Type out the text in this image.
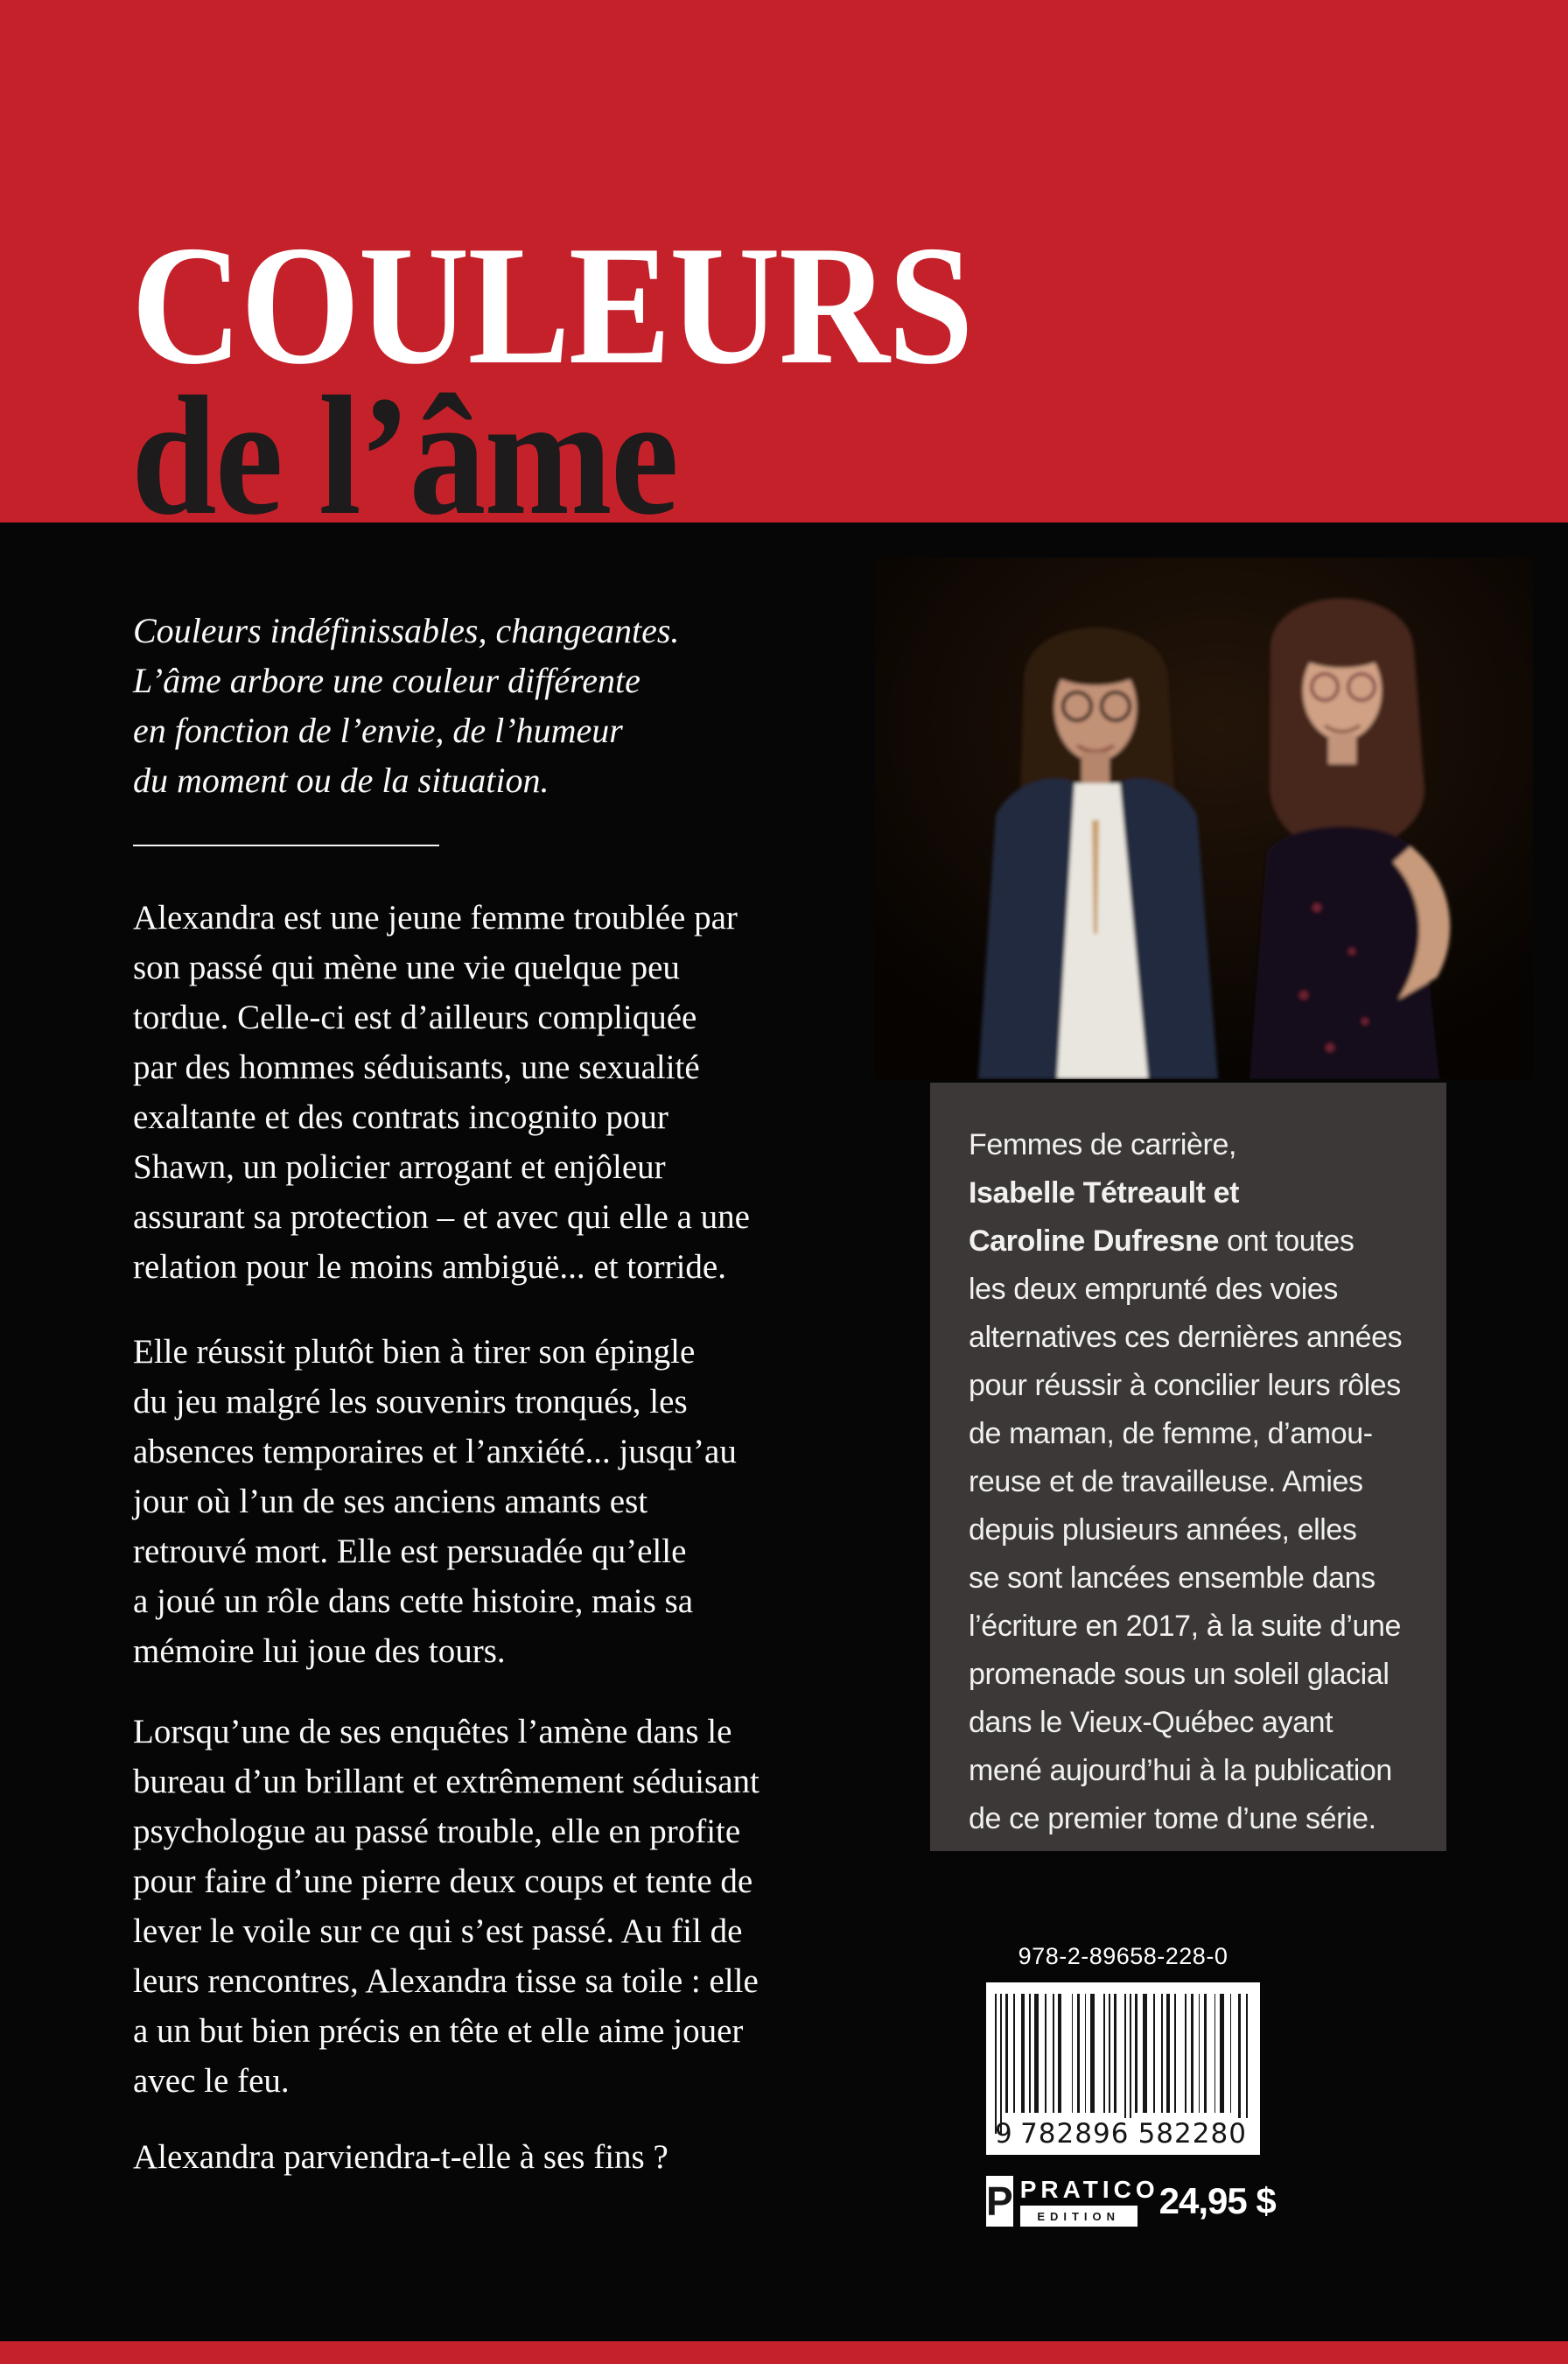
COULEURS
de l’âme
Couleurs indéfinissables, changeantes.
L’âme arbore une couleur différente
en fonction de l’envie, de l’humeur
du moment ou de la situation.
Alexandra est une jeune femme troublée par
son passé qui mène une vie quelque peu
tordue. Celle-ci est d’ailleurs compliquée
par des hommes séduisants, une sexualité
exaltante et des contrats incognito pour
Shawn, un policier arrogant et enjôleur
assurant sa protection – et avec qui elle a une
relation pour le moins ambiguë... et torride.
Elle réussit plutôt bien à tirer son épingle
du jeu malgré les souvenirs tronqués, les
absences temporaires et l’anxiété... jusqu’au
jour où l’un de ses anciens amants est
retrouvé mort. Elle est persuadée qu’elle
a joué un rôle dans cette histoire, mais sa
mémoire lui joue des tours.
Lorsqu’une de ses enquêtes l’amène dans le
bureau d’un brillant et extrêmement séduisant
psychologue au passé trouble, elle en profite
pour faire d’une pierre deux coups et tente de
lever le voile sur ce qui s’est passé. Au fil de
leurs rencontres, Alexandra tisse sa toile : elle
a un but bien précis en tête et elle aime jouer
avec le feu.
Alexandra parviendra-t-elle à ses fins ?
Femmes de carrière,
Isabelle Tétreault et
Caroline Dufresne ont toutes
les deux emprunté des voies
alternatives ces dernières années
pour réussir à concilier leurs rôles
de maman, de femme, d’amou-
reuse et de travailleuse. Amies
depuis plusieurs années, elles
se sont lancées ensemble dans
l’écriture en 2017, à la suite d’une
promenade sous un soleil glacial
dans le Vieux-Québec ayant
mené aujourd’hui à la publication
de ce premier tome d’une série.
978-2-89658-228-0
9 782896 582280
P PRATICO
EDITION	24,95 $
